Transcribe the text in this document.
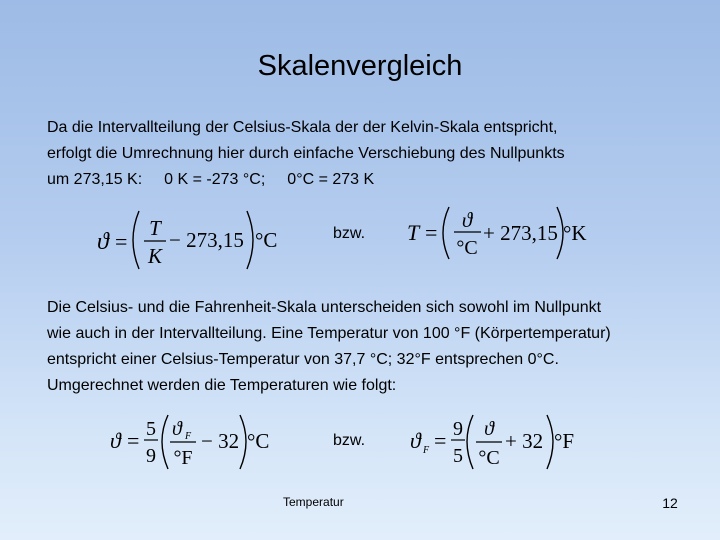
Skalenvergleich
Da die Intervallteilung der Celsius-Skala der der Kelvin-Skala entspricht,
erfolgt die Umrechnung hier durch einfache Verschiebung des Nullpunkts
um 273,15 K: 0 K = -273 °C; 0°C = 273 K
ϑ =
T
K
− 273,15 °C	bzw. T = ϑ
°C
+ 273,15 °K
Die Celsius- und die Fahrenheit-Skala unterscheiden sich sowohl im Nullpunkt
wie auch in der Intervallteilung. Eine Temperatur von 100 °F (Körpertemperatur)
entspricht einer Celsius-Temperatur von 37,7 °C; 32°F entsprechen 0°C.
Umgerechnet werden die Temperaturen wie folgt:
ϑ = 5
9
ϑ F
°F
− 32 °C	bzw. ϑ F = 9
5
ϑ
°C
+ 32 °F
Temperatur	12
